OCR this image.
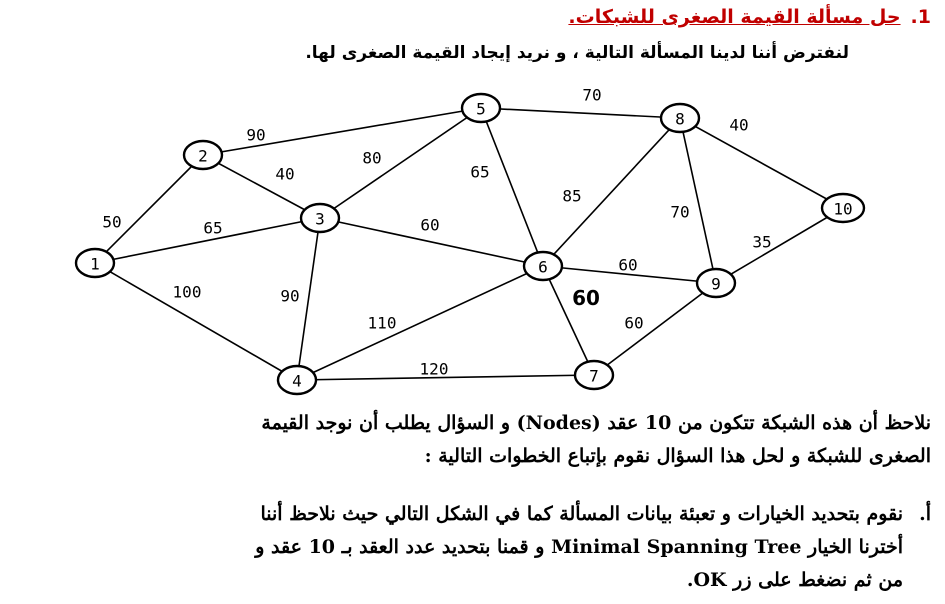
1.حل مسألة القيمة الصغرى للشبكات.
لنفترض أننا لدينا المسألة التالية ، و نريد إيجاد القيمة الصغرى لها.
50	65
100
90
40
80
60
90
110
120
70
65
85
60
60
60
40
70
35
1
2
3
4
5
6
7
8
9
10
نلاحظ أن هذه الشبكة تتكون من 10 عقد (Nodes) و السؤال يطلب أن نوجد القيمة
الصغرى للشبكة و لحل هذا السؤال نقوم بإتباع الخطوات التالية :
أ.نقوم بتحديد الخيارات و تعبئة بيانات المسألة كما في الشكل التالي حيث نلاحظ أننا
أخترنا الخيار Minimal Spanning Tree و قمنا بتحديد عدد العقد بـ 10 عقد و
من ثم نضغط على زر OK.
